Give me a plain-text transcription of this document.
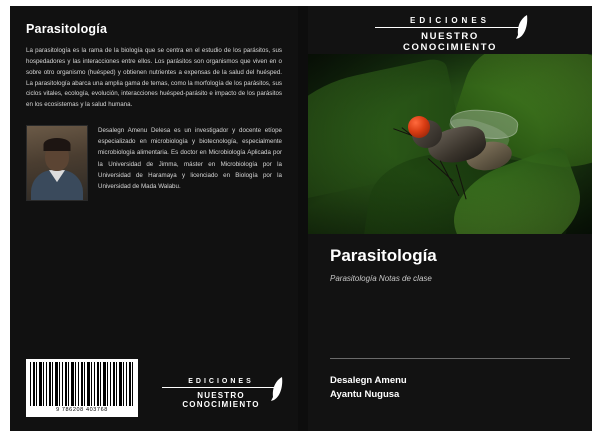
Parasitología

La parasitología es la rama de la biología que se centra en el estudio de los parásitos, sus hospedadores y las interacciones entre ellos. Los parásitos son organismos que viven en o sobre otro organismo (huésped) y obtienen nutrientes a expensas de la salud del huésped. La parasitología abarca una amplia gama de temas, como la morfología de los parásitos, sus ciclos vitales, ecología, evolución, interacciones huésped-parásito e impacto de los parásitos en los ecosistemas y la salud humana.

Desalegn Amenu Delesa es un investigador y docente etíope especializado en microbiología y biotecnología, especialmente microbiología alimentaria. Es doctor en Microbiología Aplicada por la Universidad de Jimma, máster en Microbiología por la Universidad de Haramaya y licenciado en Biología por la Universidad de Mada Walabu.
9 786208 403768
EDICIONES
NUESTRO CONOCIMIENTO
EDICIONES
NUESTRO CONOCIMIENTO
Parasitología
Parasitología Notas de clase
Desalegn Amenu
Ayantu Nugusa
